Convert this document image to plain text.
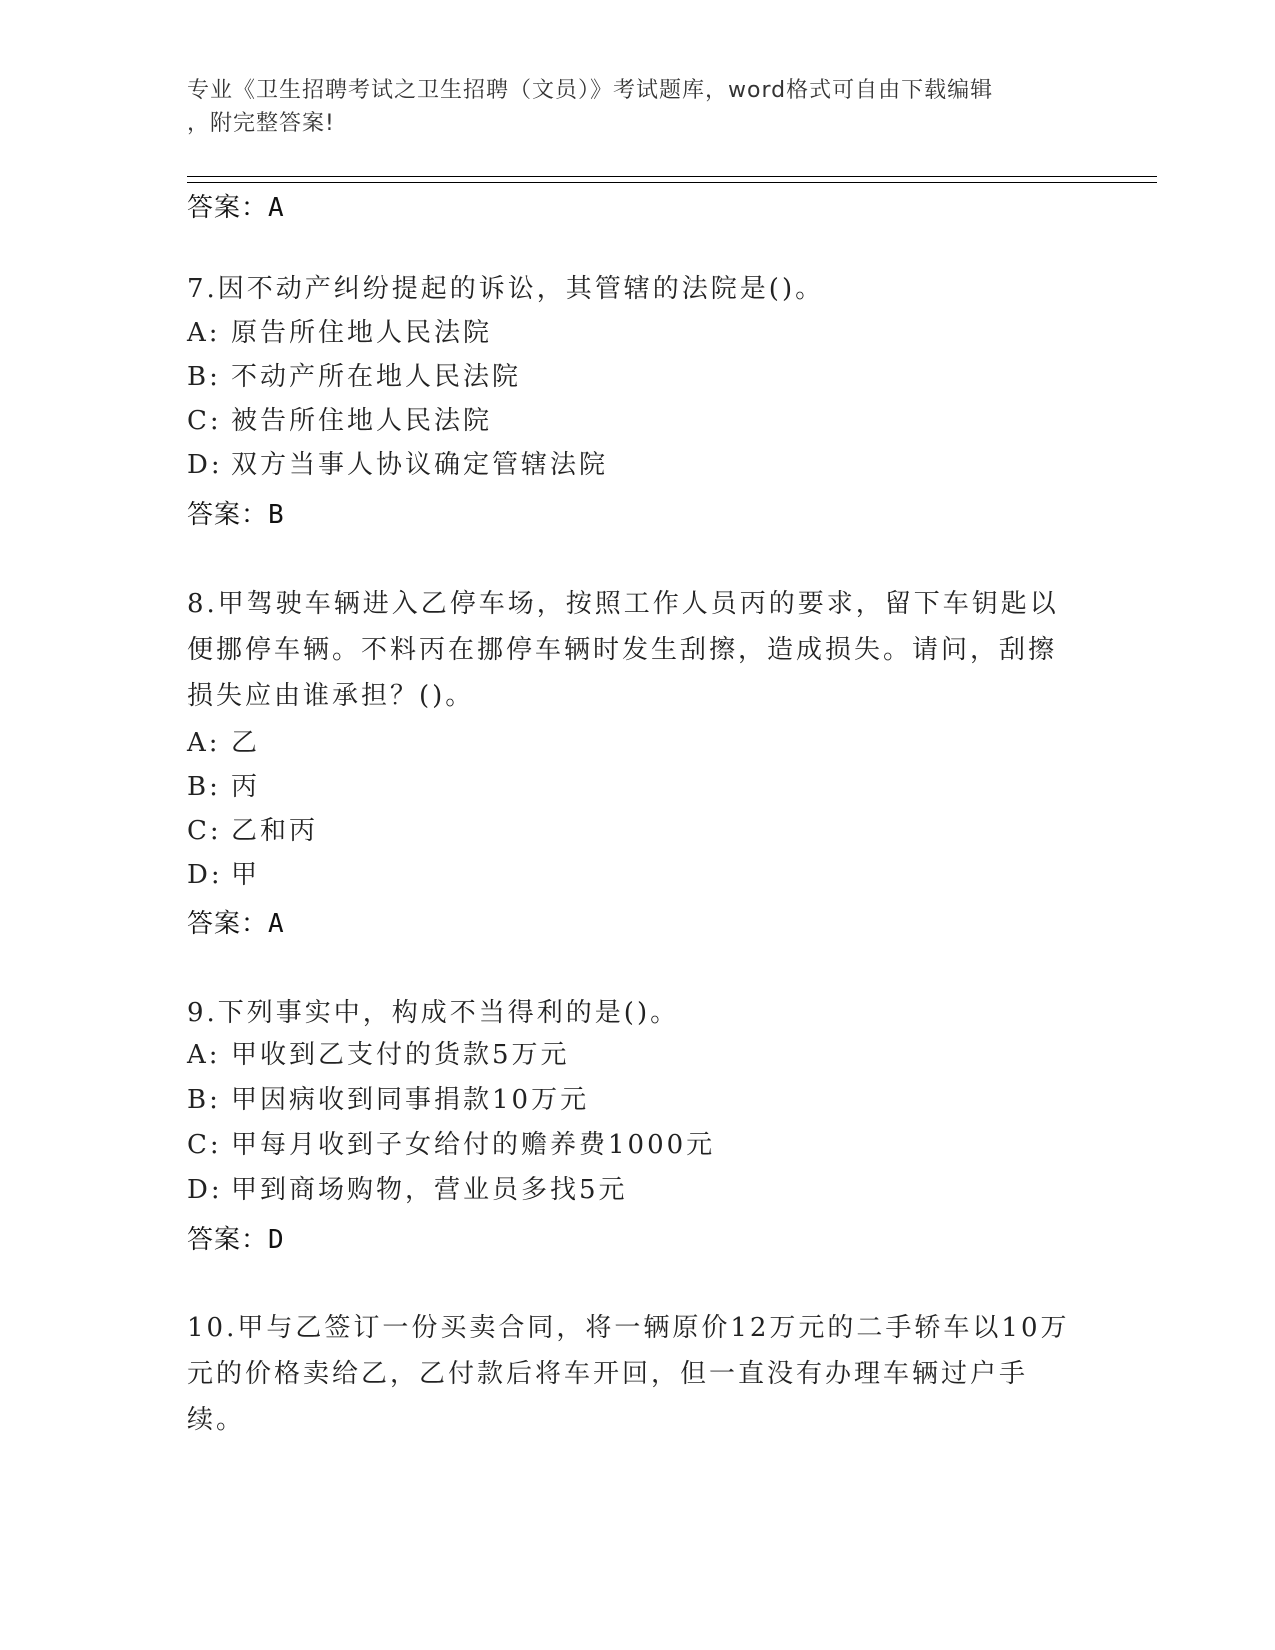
专业《卫生招聘考试之卫生招聘（文员）》考试题库，word格式可自由下载编辑
，附完整答案!
答案：A

7.因不动产纠纷提起的诉讼，其管辖的法院是()。

A: 原告所住地人民法院
B: 不动产所在地人民法院
C: 被告所住地人民法院
D: 双方当事人协议确定管辖法院
答案：B

8.甲驾驶车辆进入乙停车场，按照工作人员丙的要求，留下车钥匙以便挪停车辆。不料丙在挪停车辆时发生刮擦，造成损失。请问，刮擦损失应由谁承担？()。

A: 乙
B: 丙
C: 乙和丙
D: 甲
答案：A

9.下列事实中，构成不当得利的是()。

A: 甲收到乙支付的货款5万元
B: 甲因病收到同事捐款10万元
C: 甲每月收到子女给付的赡养费1000元
D: 甲到商场购物，营业员多找5元
答案：D

10.甲与乙签订一份买卖合同，将一辆原价12万元的二手轿车以10万元的价格卖给乙，乙付款后将车开回，但一直没有办理车辆过户手续。
